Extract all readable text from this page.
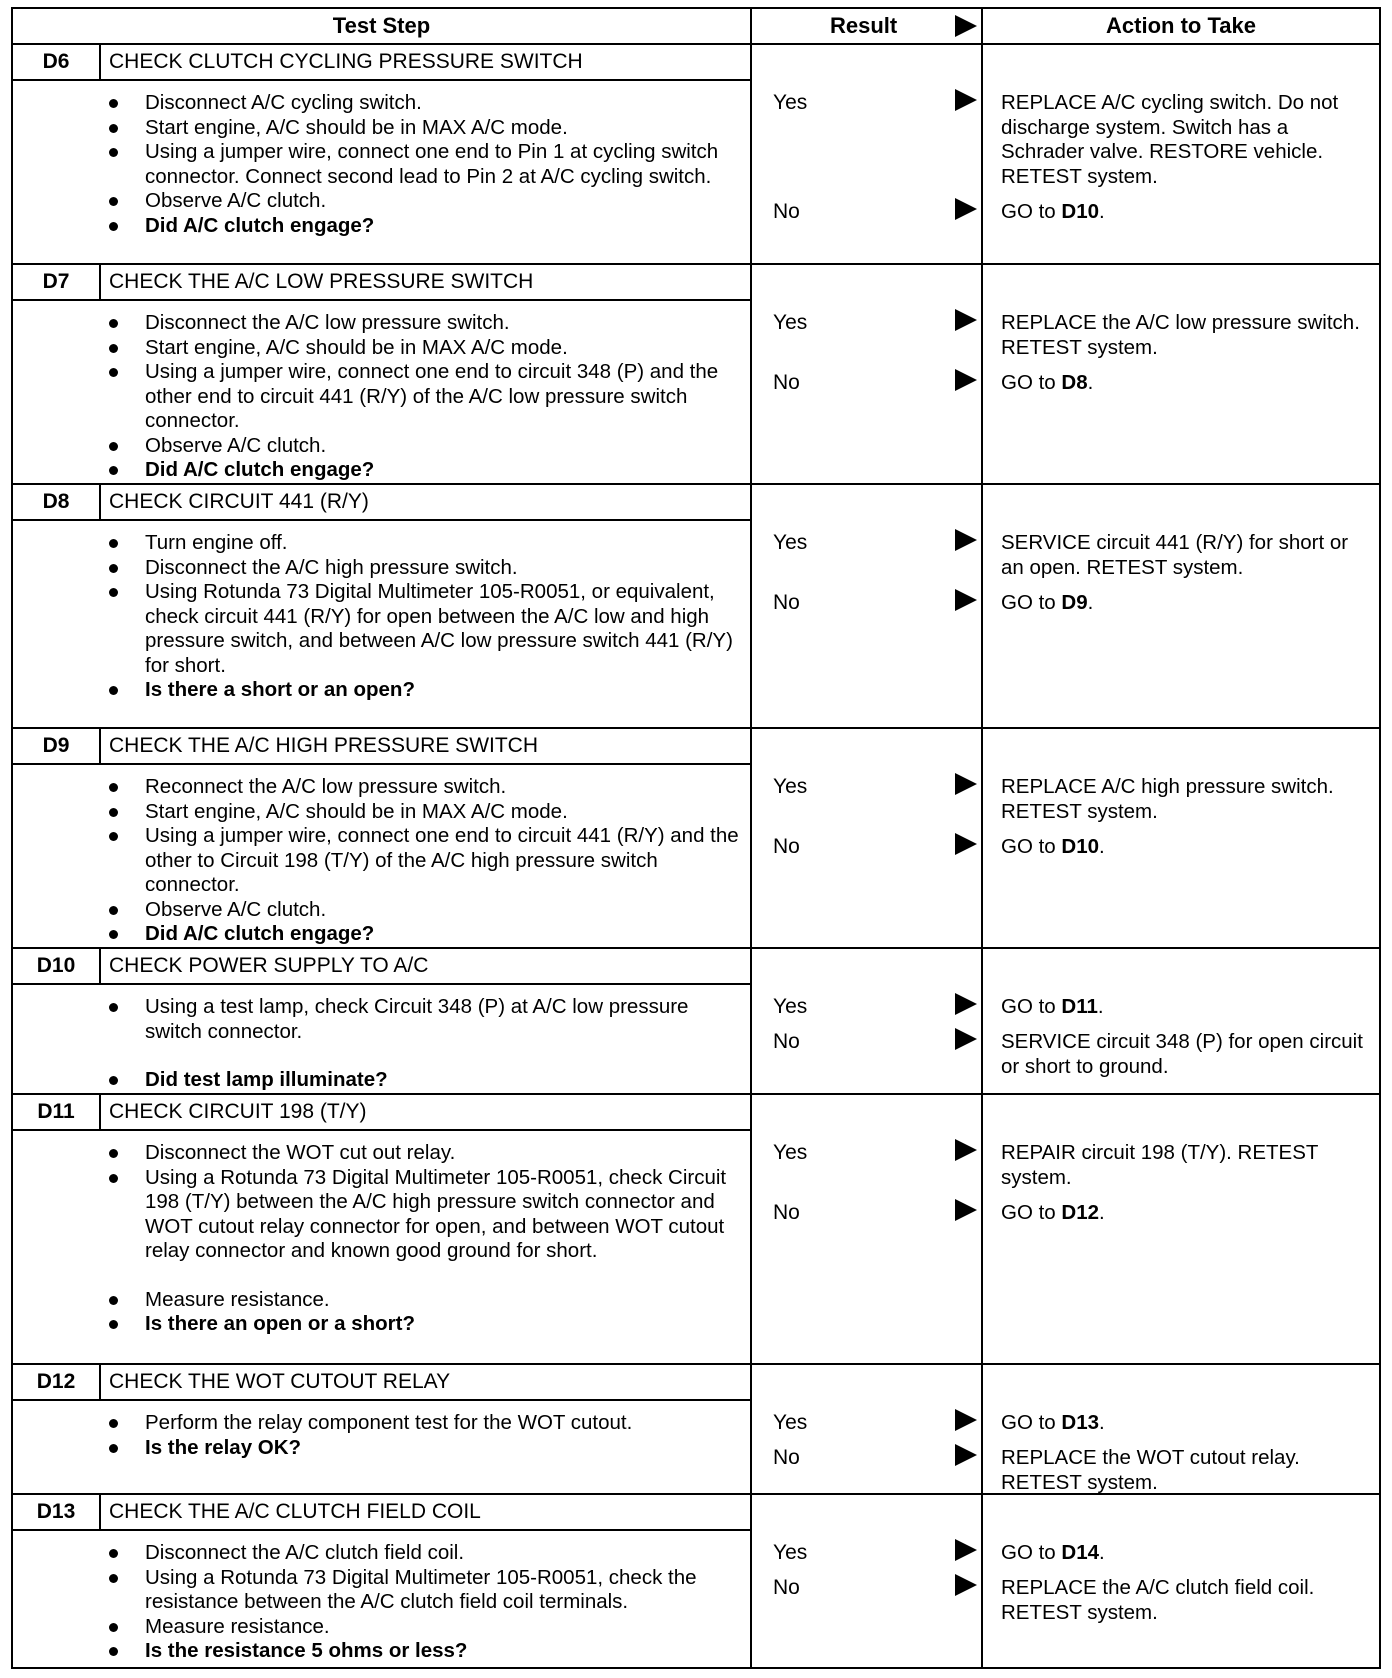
Test Step	Result	Action to Take
D6	CHECK CLUTCH CYCLING PRESSURE SWITCH
Disconnect A/C cycling switch.
Start engine, A/C should be in MAX A/C mode.
Using a jumper wire, connect one end to Pin 1 at cycling switch connector. Connect second lead to Pin 2 at A/C cycling switch.
Observe A/C clutch.
Did A/C clutch engage?
Yes	REPLACE A/C cycling switch. Do not discharge system. Switch has a Schrader valve. RESTORE vehicle. RETEST system.
No	GO to D10.
D7	CHECK THE A/C LOW PRESSURE SWITCH
Disconnect the A/C low pressure switch.
Start engine, A/C should be in MAX A/C mode.
Using a jumper wire, connect one end to circuit 348 (P) and the other end to circuit 441 (R/Y) of the A/C low pressure switch connector.
Observe A/C clutch.
Did A/C clutch engage?
Yes	REPLACE the A/C low pressure switch. RETEST system.
No	GO to D8.
D8	CHECK CIRCUIT 441 (R/Y)
Turn engine off.
Disconnect the A/C high pressure switch.
Using Rotunda 73 Digital Multimeter 105-R0051, or equivalent, check circuit 441 (R/Y) for open between the A/C low and high pressure switch, and between A/C low pressure switch 441 (R/Y) for short.
Is there a short or an open?
Yes	SERVICE circuit 441 (R/Y) for short or an open. RETEST system.
No	GO to D9.
D9	CHECK THE A/C HIGH PRESSURE SWITCH
Reconnect the A/C low pressure switch.
Start engine, A/C should be in MAX A/C mode.
Using a jumper wire, connect one end to circuit 441 (R/Y) and the other to Circuit 198 (T/Y) of the A/C high pressure switch connector.
Observe A/C clutch.
Did A/C clutch engage?
Yes	REPLACE A/C high pressure switch. RETEST system.
No	GO to D10.
D10	CHECK POWER SUPPLY TO A/C
Using a test lamp, check Circuit 348 (P) at A/C low pressure switch connector.
Did test lamp illuminate?
Yes	GO to D11.
No	SERVICE circuit 348 (P) for open circuit or short to ground.
D11	CHECK CIRCUIT 198 (T/Y)
Disconnect the WOT cut out relay.
Using a Rotunda 73 Digital Multimeter 105-R0051, check Circuit 198 (T/Y) between the A/C high pressure switch connector and WOT cutout relay connector for open, and between WOT cutout relay connector and known good ground for short.
Measure resistance.
Is there an open or a short?
Yes	REPAIR circuit 198 (T/Y). RETEST system.
No	GO to D12.
D12	CHECK THE WOT CUTOUT RELAY
Perform the relay component test for the WOT cutout.
Is the relay OK?
Yes	GO to D13.
No	REPLACE the WOT cutout relay. RETEST system.
D13	CHECK THE A/C CLUTCH FIELD COIL
Disconnect the A/C clutch field coil.
Using a Rotunda 73 Digital Multimeter 105-R0051, check the resistance between the A/C clutch field coil terminals.
Measure resistance.
Is the resistance 5 ohms or less?
Yes	GO to D14.
No	REPLACE the A/C clutch field coil. RETEST system.
